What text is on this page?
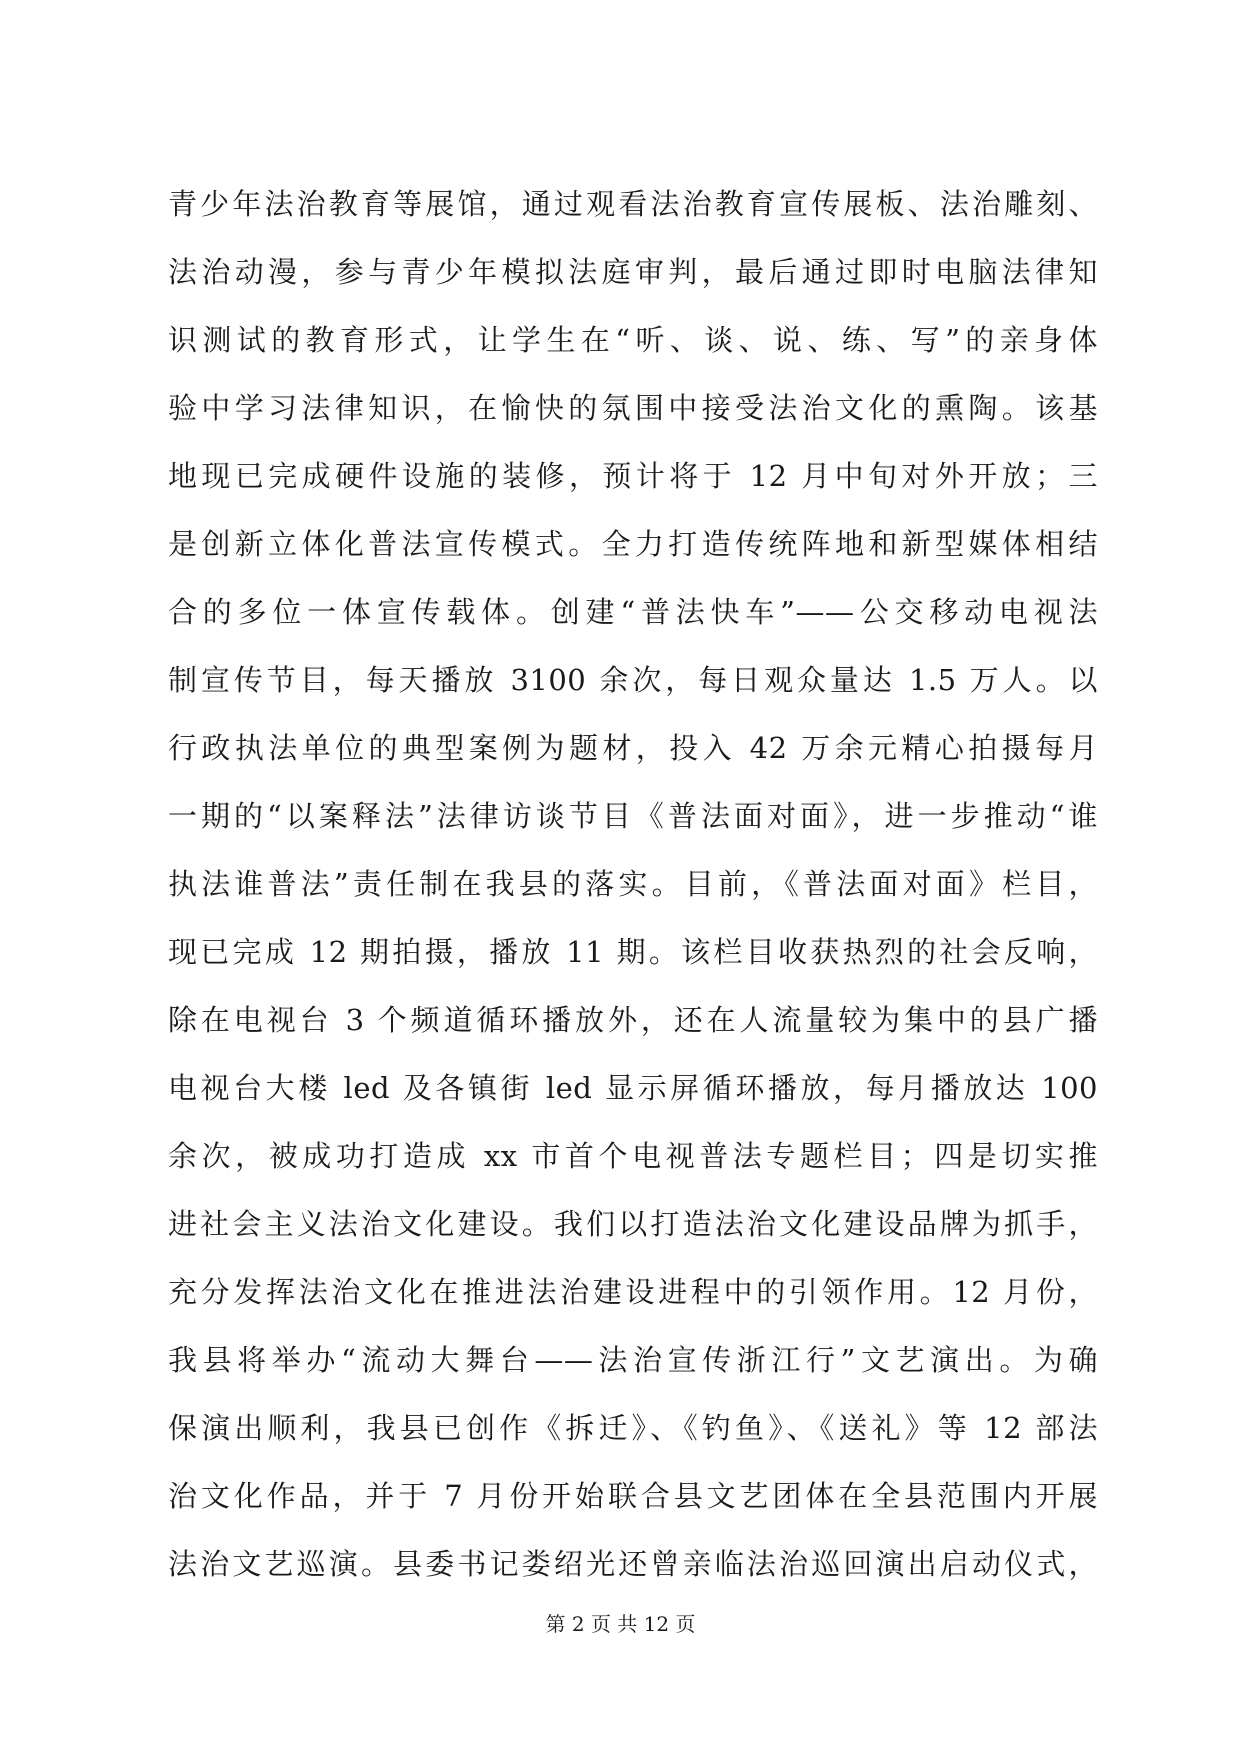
青少年法治教育等展馆，通过观看法治教育宣传展板、法治雕刻、
法治动漫，参与青少年模拟法庭审判，最后通过即时电脑法律知
识测试的教育形式，让学生在“听、谈、说、练、写”的亲身体
验中学习法律知识，在愉快的氛围中接受法治文化的熏陶。该基
地现已完成硬件设施的装修，预计将于 12 月中旬对外开放；三
是创新立体化普法宣传模式。全力打造传统阵地和新型媒体相结
合的多位一体宣传载体。创建“普法快车”——公交移动电视法
制宣传节目，每天播放 3100 余次，每日观众量达 1.5 万人。以
行政执法单位的典型案例为题材，投入 42 万余元精心拍摄每月
一期的“以案释法”法律访谈节目《普法面对面》，进一步推动“谁
执法谁普法”责任制在我县的落实。目前，《普法面对面》栏目，
现已完成 12 期拍摄，播放 11 期。该栏目收获热烈的社会反响，
除在电视台 3 个频道循环播放外，还在人流量较为集中的县广播
电视台大楼 led 及各镇街 led 显示屏循环播放，每月播放达 100
余次，被成功打造成 xx 市首个电视普法专题栏目；四是切实推
进社会主义法治文化建设。我们以打造法治文化建设品牌为抓手，
充分发挥法治文化在推进法治建设进程中的引领作用。12 月份，
我县将举办“流动大舞台——法治宣传浙江行”文艺演出。为确
保演出顺利，我县已创作《拆迁》、《钓鱼》、《送礼》等 12 部法
治文化作品，并于 7 月份开始联合县文艺团体在全县范围内开展
法治文艺巡演。县委书记娄绍光还曾亲临法治巡回演出启动仪式，
第 2 页 共 12 页
